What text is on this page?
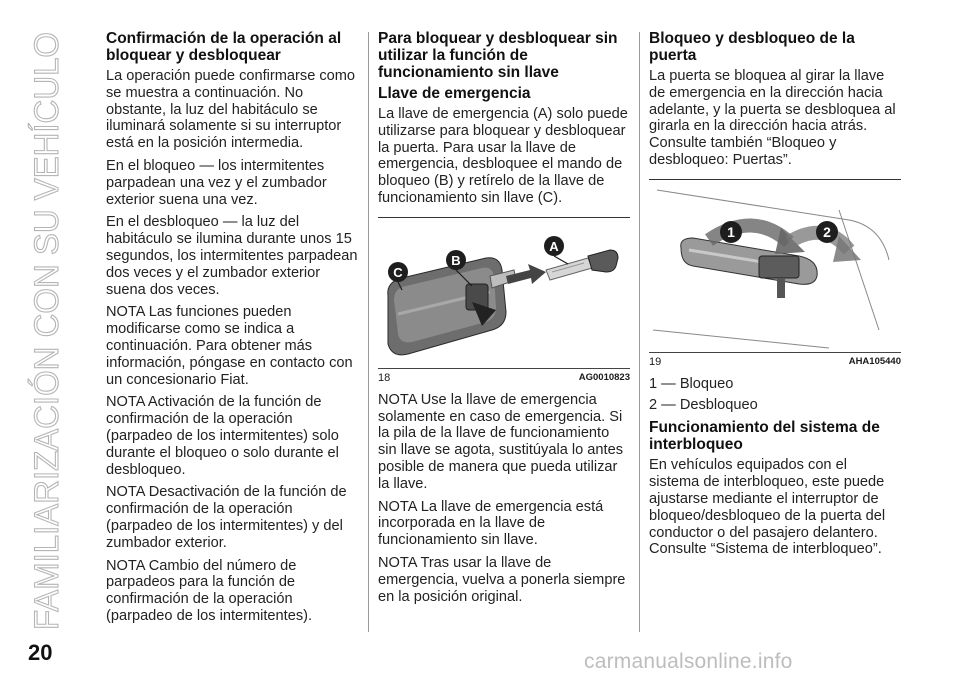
FAMILIARIZACIÓN CON SU VEHÍCULO
20	carmanualsonline.info
Confirmación de la operación al bloquear y desbloquear

La operación puede confirmarse como se muestra a continuación. No obstante, la luz del habitáculo se iluminará solamente si su interruptor está en la posición intermedia.

En el bloqueo — los intermitentes parpadean una vez y el zumbador exterior suena una vez.

En el desbloqueo — la luz del habitáculo se ilumina durante unos 15 segundos, los intermitentes parpadean dos veces y el zumbador exterior suena dos veces.

NOTA Las funciones pueden modificarse como se indica a continuación. Para obtener más información, póngase en contacto con un concesionario Fiat.

NOTA Activación de la función de confirmación de la operación (parpadeo de los intermitentes) solo durante el bloqueo o solo durante el desbloqueo.

NOTA Desactivación de la función de confirmación de la operación (parpadeo de los intermitentes) y del zumbador exterior.

NOTA Cambio del número de parpadeos para la función de confirmación de la operación (parpadeo de los intermitentes).

Para bloquear y desbloquear sin utilizar la función de funcionamiento sin llave
Llave de emergencia

La llave de emergencia (A) solo puede utilizarse para bloquear y desbloquear la puerta. Para usar la llave de emergencia, desbloquee el mando de bloqueo (B) y retírelo de la llave de funcionamiento sin llave (C).

C
B
A
18	AG0010823

NOTA Use la llave de emergencia solamente en caso de emergencia. Si la pila de la llave de funcionamiento sin llave se agota, sustitúyala lo antes posible de manera que pueda utilizar la llave.

NOTA La llave de emergencia está incorporada en la llave de funcionamiento sin llave.

NOTA Tras usar la llave de emergencia, vuelva a ponerla siempre en la posición original.

Bloqueo y desbloqueo de la puerta

La puerta se bloquea al girar la llave de emergencia en la dirección hacia adelante, y la puerta se desbloquea al girarla en la dirección hacia atrás. Consulte también “Bloqueo y desbloqueo: Puertas”.

1	2
19	AHA105440

1 — Bloqueo

2 — Desbloqueo

Funcionamiento del sistema de interbloqueo

En vehículos equipados con el sistema de interbloqueo, este puede ajustarse mediante el interruptor de bloqueo/desbloqueo de la puerta del conductor o del pasajero delantero. Consulte “Sistema de interbloqueo”.
